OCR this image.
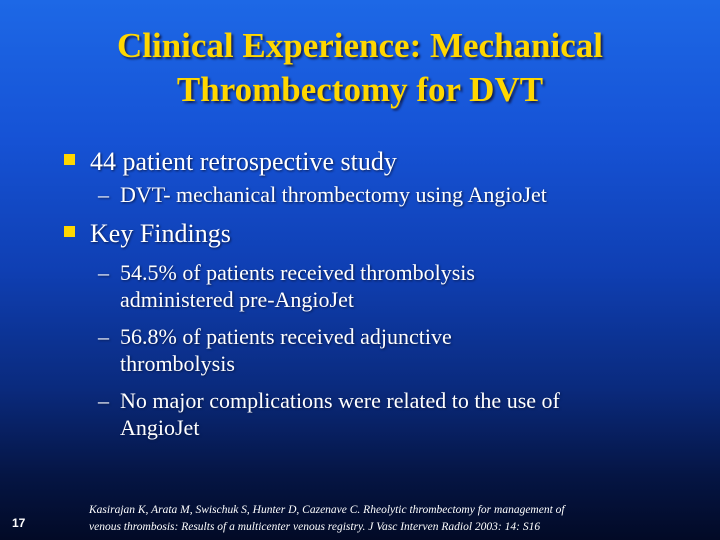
Clinical Experience: Mechanical
Thrombectomy for DVT
44 patient retrospective study
– DVT- mechanical thrombectomy using AngioJet
Key Findings
– 54.5% of patients received thrombolysis
administered pre-AngioJet
– 56.8% of patients received adjunctive
thrombolysis
– No major complications were related to the use of
AngioJet
Kasirajan K, Arata M, Swischuk S, Hunter D, Cazenave C. Rheolytic thrombectomy for management of
venous thrombosis: Results of a multicenter venous registry. J Vasc Interven Radiol 2003: 14: S16
17
